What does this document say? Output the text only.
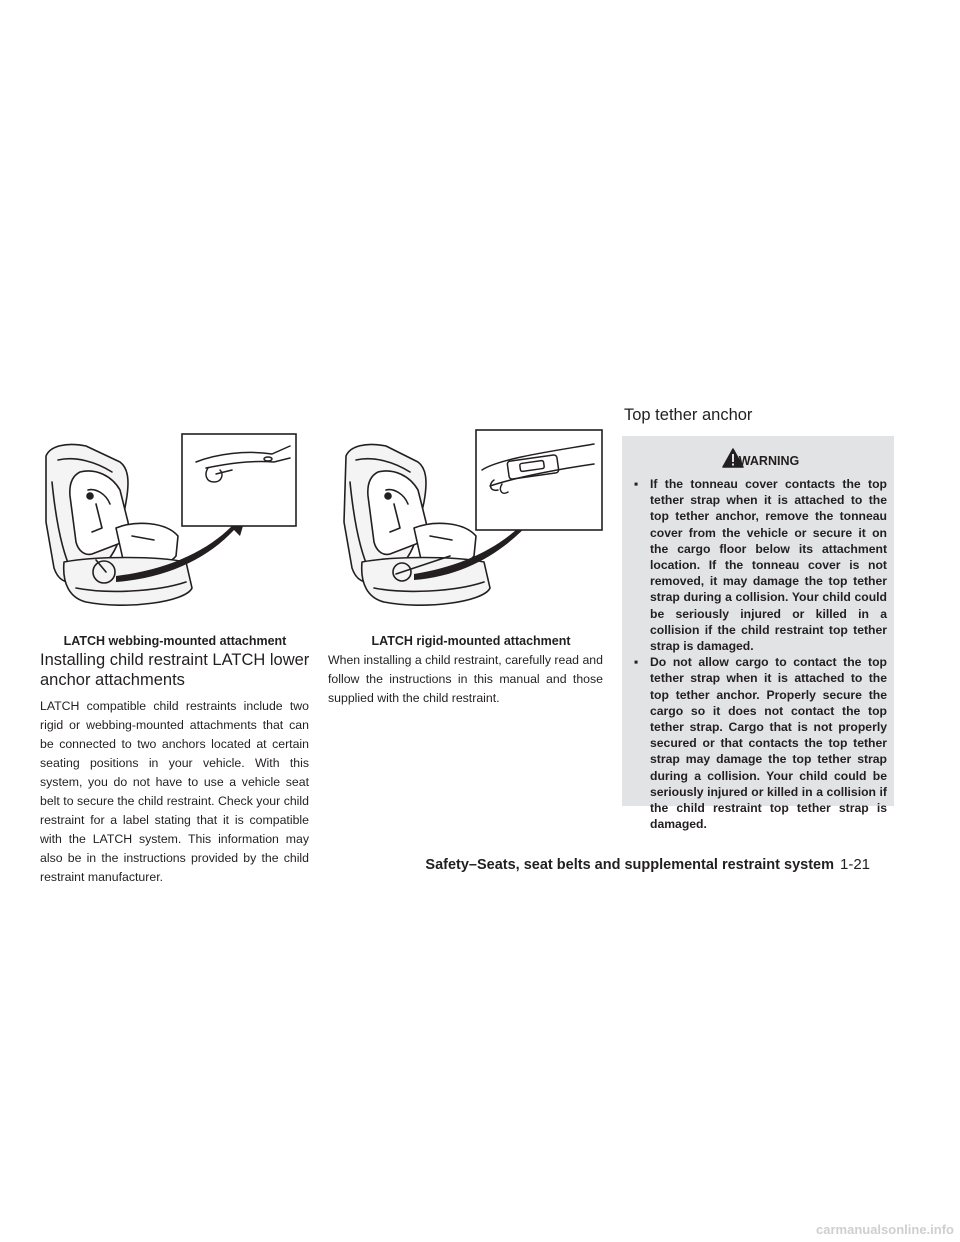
LATCH webbing-mounted attachment	LATCH rigid-mounted attachment
Installing child restraint LATCH lower
anchor attachments

LATCH compatible child restraints include two rigid or webbing-mounted attachments that can be connected to two anchors located at certain seating positions in your vehicle. With this system, you do not have to use a vehicle seat belt to secure the child restraint. Check your child restraint for a label stating that it is compatible with the LATCH system. This information may also be in the instructions provided by the child restraint manufacturer.

When installing a child restraint, carefully read and follow the instructions in this manual and those supplied with the child restraint.

Top tether anchor
WARNING
▪ If the tonneau cover contacts the top tether strap when it is attached to the top tether anchor, remove the tonneau cover from the vehicle or secure it on the cargo floor below its attachment location. If the tonneau cover is not removed, it may damage the top tether strap during a collision. Your child could be seriously injured or killed in a collision if the child restraint top tether strap is damaged.
▪ Do not allow cargo to contact the top tether strap when it is attached to the top tether anchor. Properly secure the cargo so it does not contact the top tether strap. Cargo that is not properly secured or that contacts the top tether strap may damage the top tether strap during a collision. Your child could be seriously injured or killed in a collision if the child restraint top tether strap is damaged.
Safety–Seats, seat belts and supplemental restraint system 1-21
carmanualsonline.info
